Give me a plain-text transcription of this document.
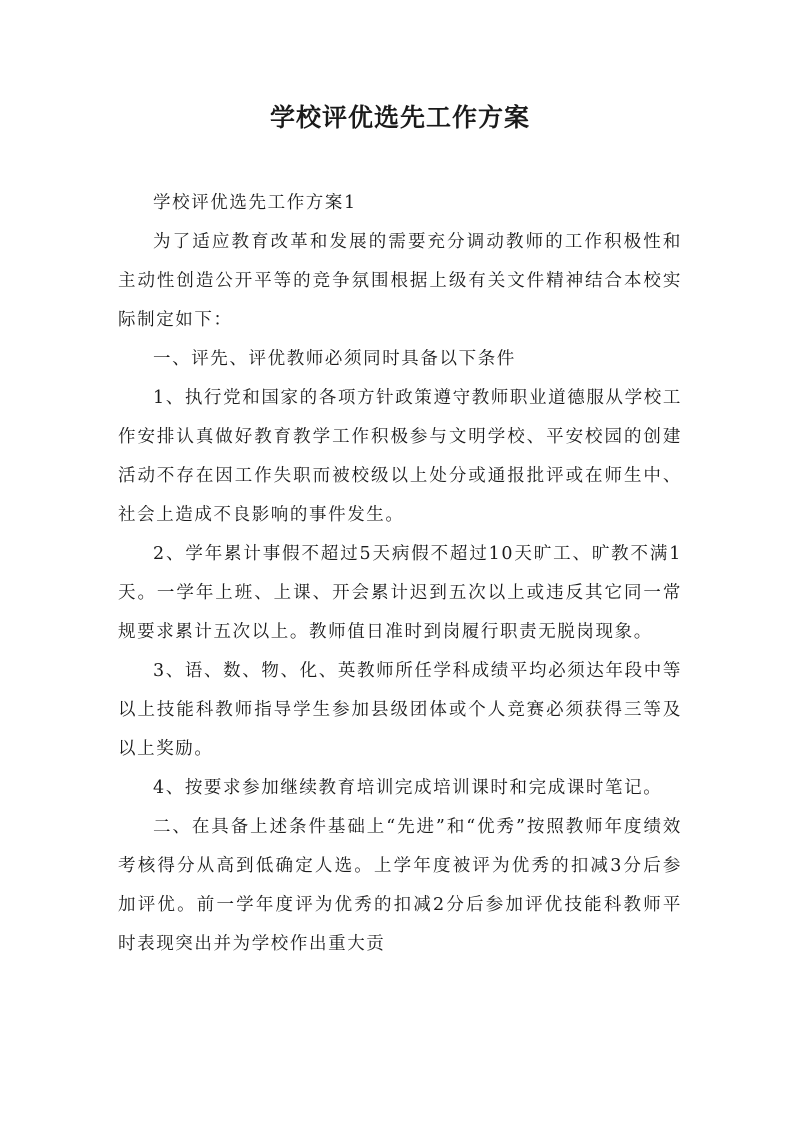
学校评优选先工作方案

学校评优选先工作方案1

为了适应教育改革和发展的需要充分调动教师的工作积极性和主动性创造公开平等的竞争氛围根据上级有关文件精神结合本校实际制定如下：

一、评先、评优教师必须同时具备以下条件

1、执行党和国家的各项方针政策遵守教师职业道德服从学校工作安排认真做好教育教学工作积极参与文明学校、平安校园的创建活动不存在因工作失职而被校级以上处分或通报批评或在师生中、社会上造成不良影响的事件发生。

2、学年累计事假不超过5天病假不超过10天旷工、旷教不满1天。一学年上班、上课、开会累计迟到五次以上或违反其它同一常规要求累计五次以上。教师值日准时到岗履行职责无脱岗现象。

3、语、数、物、化、英教师所任学科成绩平均必须达年段中等以上技能科教师指导学生参加县级团体或个人竞赛必须获得三等及以上奖励。

4、按要求参加继续教育培训完成培训课时和完成课时笔记。

二、在具备上述条件基础上“先进”和“优秀”按照教师年度绩效考核得分从高到低确定人选。上学年度被评为优秀的扣减3分后参加评优。前一学年度评为优秀的扣减2分后参加评优技能科教师平时表现突出并为学校作出重大贡
